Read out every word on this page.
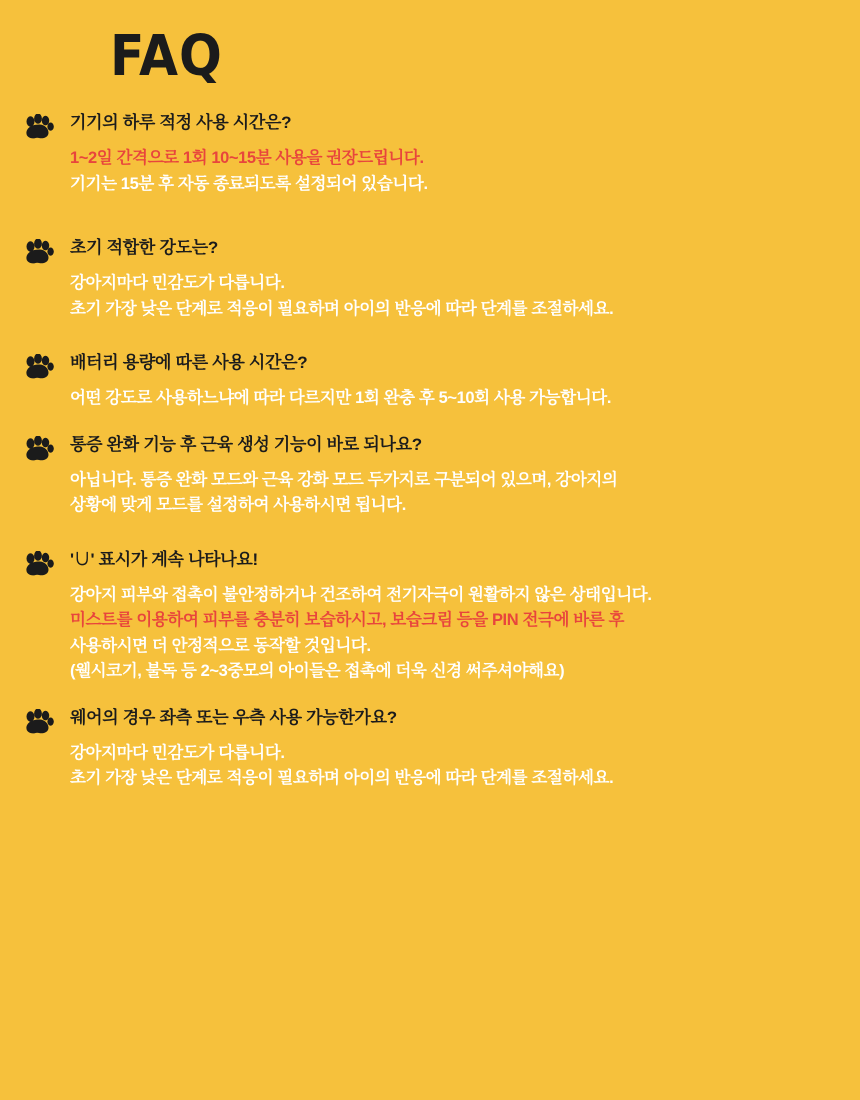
FAQ
기기의 하루 적정 사용 시간은?
1~2일 간격으로 1회 10~15분 사용을 권장드립니다.
기기는 15분 후 자동 종료되도록 설정되어 있습니다.
초기 적합한 강도는?
강아지마다 민감도가 다릅니다.
초기 가장 낮은 단계로 적응이 필요하며 아이의 반응에 따라 단계를 조절하세요.
배터리 용량에 따른 사용 시간은?
어떤 강도로 사용하느냐에 따라 다르지만 1회 완충 후 5~10회 사용 가능합니다.
통증 완화 기능 후 근육 생성 기능이 바로 되나요?
아닙니다. 통증 완화 모드와 근육 강화 모드 두가지로 구분되어 있으며, 강아지의
상황에 맞게 모드를 설정하여 사용하시면 됩니다.
'∪' 표시가 계속 나타나요!
강아지 피부와 접촉이 불안정하거나 건조하여 전기자극이 원활하지 않은 상태입니다.
미스트를 이용하여 피부를 충분히 보습하시고, 보습크림 등을 PIN 전극에 바른 후
사용하시면 더 안정적으로 동작할 것입니다.
(웰시코기, 불독 등 2~3중모의 아이들은 접촉에 더욱 신경 써주셔야해요)
웨어의 경우 좌측 또는 우측 사용 가능한가요?
강아지마다 민감도가 다릅니다.
초기 가장 낮은 단계로 적응이 필요하며 아이의 반응에 따라 단계를 조절하세요.
